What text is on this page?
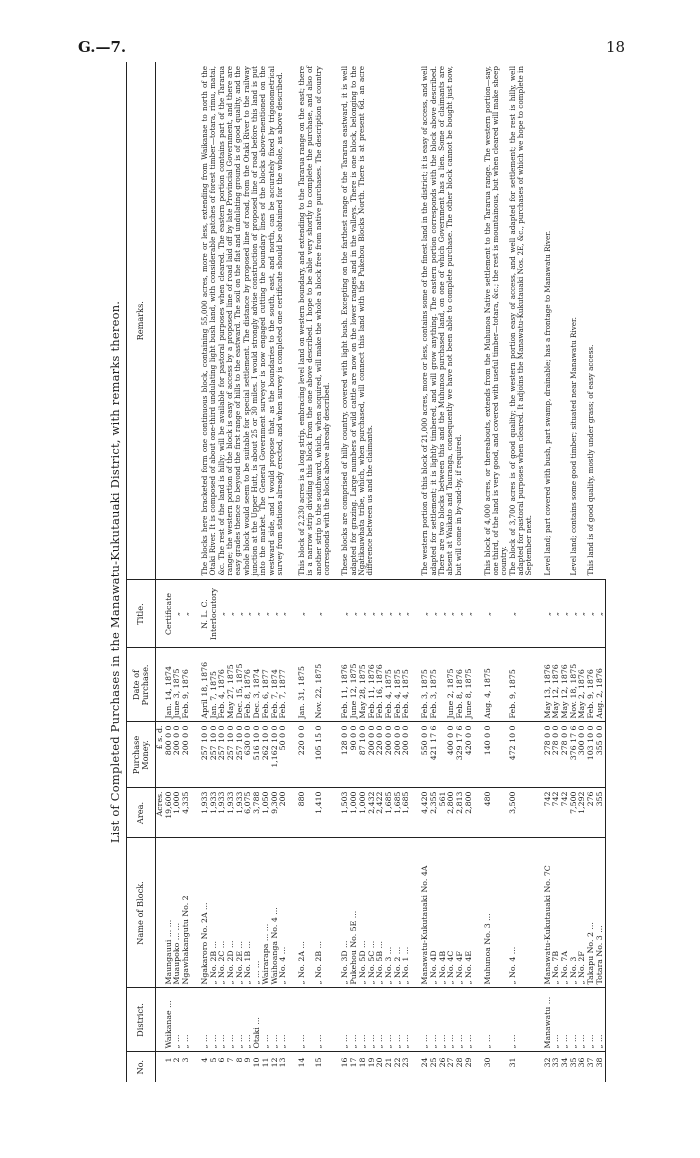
G.—7.	18
List of Completed Purchases in the Manawatu-Kukutauaki District, with remarks thereon.
No.	District.	Name of Block.	Area.	Purchase Money.	Date of Purchase.	Title.	Remarks.
			Acres.	£ s. d.			
1	Waikanae ...	Maungauui ... ...	19,600	800 0 0	Jan. 14, 1874	Certificate	
2	„ ...	Muaupoko ... ...	1,000	200 0 0	June 3, 1875	„	
3	„ ...	Ngawhakangutu No. 2	4,335	200 0 0	Feb. 9, 1876	„	

4	„ ...	Ngakaroro No. 2A ...	1,933	257 10 0	April 18, 1876	N. L. C.	The blocks here bracketed form one continuous block, containing 55,000 acres, more or less, extending from Waikanae to north of the Otaki River. It is composed of about one-third undulating light bush land, with considerable patches of forest timber—totara, rimu, matai, &c. The rest of the land is hilly; will be available for pastoral purposes when cleared. The eastern portion contains part of the Tararua range; the western portion of the block is easy of access by a proposed line of road laid off by late Provincial Government, and there are easy grades thence to beyond the first range of hills to the eastward. The soil on the flat and undulating ground is of good quality, and the whole block would seem to be suitable for special settlement. The distance by proposed line of road, from the Otaki River to the railway junction at the Upper Hutt, is about 25 or 30 miles. I would strongly advise construction of proposed line of road before this land is put into the market. The General Government surveyor is now engaged cutting the boundary lines of the blocks above-mentioned on the westward side, and I would propose that, as the boundaries to the south, east, and north, can be accurately fixed by trigonometrical survey from stations already erected, and when survey is completed one certificate should be obtained for the whole, as above described.
5	„ ...	„ No. 2B ...	1,933	257 10 0	Jan. 7, 1875	Interlocutory	
6	„ ...	„ No. 2C ...	1,933	257 10 0	Feb. 4, 1876	„	
7	„ ...	„ No. 2D ...	1,933	257 10 0	May 27, 1875	„	
8	„ ...	„ No. 2E ...	1,933	257 10 0	Dec. 15, 1875	„	
9	„ ...	„ No. 1B ...	6,075	630 0 0	Feb. 8, 1876	„	
10	Otaki ...	„ ... ...	3,788	516 10 0	Dec. 3, 1874	„	
11	„ ...	Wairarapa ... ...	1,050	262 10 0	Feb. 6, 1877	„	
12	„ ...	Waihoanga No. 4 ...	9,300	1,162 10 0	Feb. 7, 1874	„	
13	„ ...	„ No. 4 ...	200	50 0 0	Feb. 7, 1877	„	

14	„ ...	„ No. 2A ...	880	220 0 0	Jan. 31, 1875	„	This block of 2,230 acres is a long strip, embracing level land on western boundary, and extending to the Tararua range on the east; there is a narrow strip dividing this block from the one above described. I hope to be able very shortly to complete the purchase, and also of another strip to the southward, which, when acquired, will make the whole a block free from native purchases. The description of country corresponds with the block above already described.
15	„ ...	„ No. 2B ...	1,410	105 15 0	Nov. 22, 1875	„	

16	„ ...	„ No. 3D ...	1,503	128 0 0	Feb. 11, 1876	„	These blocks are comprised of hilly country, covered with light bush. Excepting on the farthest range of the Tararua eastward, it is well adapted for grazing. Large numbers of wild cattle are now on the lower ranges and in the valleys. There is one block, belonging to the Ngatikauwhata tribe, which, when purchased, will connect this land with the Pukehou Blocks North. There is at present 6d. an acre difference between us and the claimants.
17	„ ...	Pukehou No. 5E ...	1,000	90 0 0	June 12, 1875	„	
18	„ ...	„ No. 5D ...	1,000	87 10 0	May 28, 1875	„	
19	„ ...	„ No. 5C ...	2,432	200 0 0	Feb. 11, 1876	„	
20	„ ...	„ No. 5B ...	2,422	220 0 0	Feb. 16, 1876	„	
21	„ ...	„ No. 3 ...	1,685	200 0 0	Feb. 4, 1875	„	
22	„ ...	„ No. 2 ...	1,685	200 0 0	Feb. 4, 1875	„	
23	„ ...	„ No. 1 ...	1,685	200 0 0	Feb. 4, 1875	„	

24	„ ...	Manawatu-Kukutauaki No. 4A	4,420	550 0 0	Feb. 3, 1875	„	The western portion of this block of 21,000 acres, more or less, contains some of the finest land in the district; it is easy of access, and well adapted for settlement; it is lightly timbered, and will grow anything. The eastern portion corresponds with the block above described. There are two blocks between this and the Muhunoa purchased land, on one of which Government has a lien. Some of claimants are absent at Waikato and Tauranga, consequently we have not been able to complete purchase. The other block cannot be bought just now, but will come in by-and-by, if required.
25	„ ...	„ No. 4D	2,355	421 17 6	Feb. 3, 1875	„	
26	„ ...	„ No. 4B	561			„	
27	„ ...	„ No. 4C	2,800	400 0 0	June 2, 1875	„	
28	„ ...	„ No. 4F	2,813	329 17 6	Feb. 8, 1876	„	
29	„ ...	„ No. 4E	2,800	420 0 0	June 8, 1875	„	

30	„ ...	Muhunoa No. 3 ...	480	140 0 0	Aug. 4, 1875	„	This block of 4,000 acres, or thereabouts, extends from the Muhunoa Native settlement to the Tararua range. The western portion—say, one third, of the land is very good, and covered with useful timber—totara, &c.; the rest is mountainous, but when cleared will make sheep country.
31	„ ...	„ No. 4 ...	3,500	472 10 0	Feb. 9, 1875	„	The block of 3,700 acres is of good quality; the western portion easy of access, and well adapted for settlement; the rest is hilly, well adapted for pastoral purposes when cleared. It adjoins the Manawatu-Kukutauaki Nos. 2E, &c., purchases of which we hope to complete in September next.

32	Manawatu ...	Manawatu-Kukutauaki No. 7C	742	278 0 0	May 13, 1876	„	Level land; part covered with bush, part swamp, drainable; has a frontage to Manawatu River.
33	„ ...	„ No. 7B	742	278 0 0	May 12, 1876	„	
34	„ ...	„ No. 7A	742	278 0 0	May 12, 1876	„	
35	„ ...	„ No. 3	7,500	376 17 6	Nov. 18, 1875	„	Level land; contains some good timber; situated near Manawatu River.
36	„ ...	„ No. 2F	1,292	300 0 0	May 2, 1876	„	
37	„ ...	Takapu No. 2 ...	276	103 10 0	Feb. 9, 1876	„	This land is of good quality, mostly under grass; of easy access.
38	„ ...	Totara No. 3 ...	355	355 0 0	Aug. 2, 1876	„	
